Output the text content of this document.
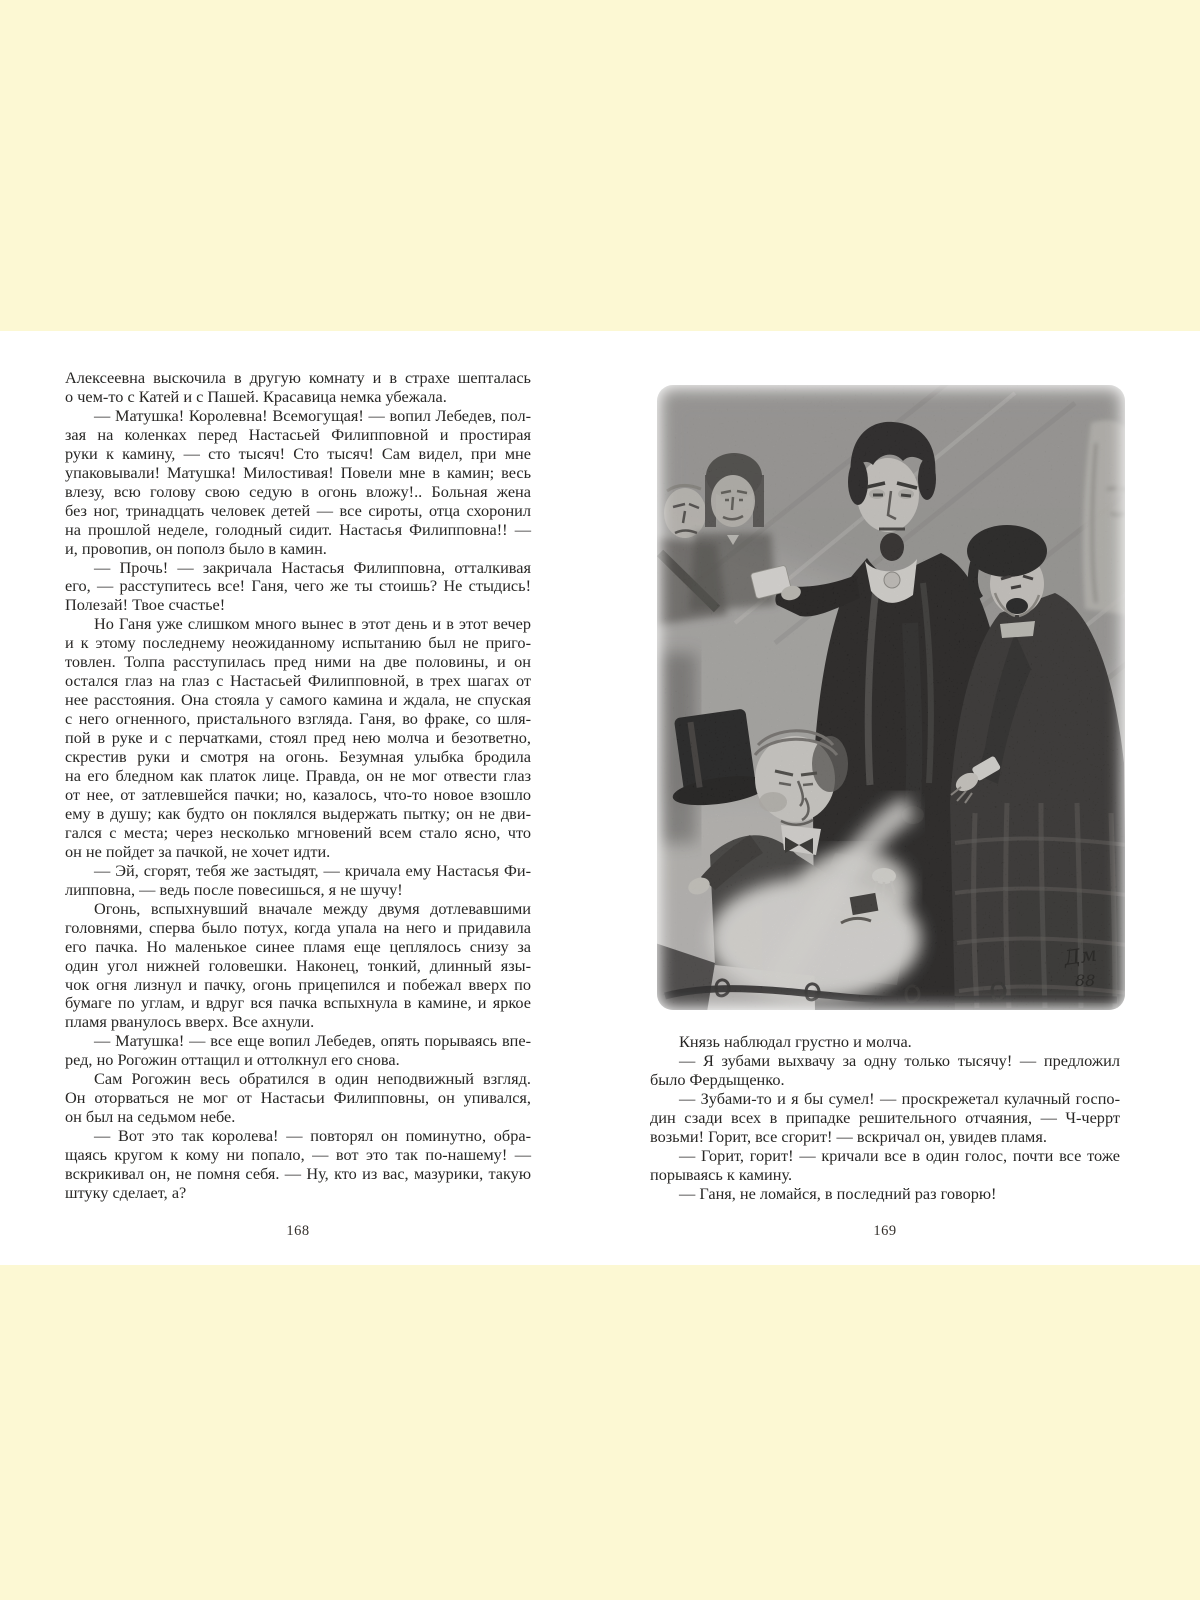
Алексеевна выскочила в другую комнату и в страхе шепталась
о чем-то с Катей и с Пашей. Красавица немка убежала.
— Матушка! Королевна! Всемогущая! — вопил Лебедев, пол-
зая на коленках перед Настасьей Филипповной и простирая
руки к камину, — сто тысяч! Сто тысяч! Сам видел, при мне
упаковывали! Матушка! Милостивая! Повели мне в камин; весь
влезу, всю голову свою седую в огонь вложу!.. Больная жена
без ног, тринадцать человек детей — все сироты, отца схоронил
на прошлой неделе, голодный сидит. Настасья Филипповна!! —
и, провопив, он пополз было в камин.
— Прочь! — закричала Настасья Филипповна, отталкивая
его, — расступитесь все! Ганя, чего же ты стоишь? Не стыдись!
Полезай! Твое счастье!
Но Ганя уже слишком много вынес в этот день и в этот вечер
и к этому последнему неожиданному испытанию был не приго-
товлен. Толпа расступилась пред ними на две половины, и он
остался глаз на глаз с Настасьей Филипповной, в трех шагах от
нее расстояния. Она стояла у самого камина и ждала, не спуская
с него огненного, пристального взгляда. Ганя, во фраке, со шля-
пой в руке и с перчатками, стоял пред нею молча и безответно,
скрестив руки и смотря на огонь. Безумная улыбка бродила
на его бледном как платок лице. Правда, он не мог отвести глаз
от нее, от затлевшейся пачки; но, казалось, что-то новое взошло
ему в душу; как будто он поклялся выдержать пытку; он не дви-
гался с места; через несколько мгновений всем стало ясно, что
он не пойдет за пачкой, не хочет идти.
— Эй, сгорят, тебя же застыдят, — кричала ему Настасья Фи-
липповна, — ведь после повесишься, я не шучу!
Огонь, вспыхнувший вначале между двумя дотлевавшими
головнями, сперва было потух, когда упала на него и придавила
его пачка. Но маленькое синее пламя еще цеплялось снизу за
один угол нижней головешки. Наконец, тонкий, длинный язы-
чок огня лизнул и пачку, огонь прицепился и побежал вверх по
бумаге по углам, и вдруг вся пачка вспыхнула в камине, и яркое
пламя рванулось вверх. Все ахнули.
— Матушка! — все еще вопил Лебедев, опять порываясь впе-
ред, но Рогожин оттащил и оттолкнул его снова.
Сам Рогожин весь обратился в один неподвижный взгляд.
Он оторваться не мог от Настасьи Филипповны, он упивался,
он был на седьмом небе.
— Вот это так королева! — повторял он поминутно, обра-
щаясь кругом к кому ни попало, — вот это так по-нашему! —
вскрикивал он, не помня себя. — Ну, кто из вас, мазурики, такую
штуку сделает, а?
Дм
88
Князь наблюдал грустно и молча.
— Я зубами выхвачу за одну только тысячу! — предложил
было Фердыщенко.
— Зубами-то и я бы сумел! — проскрежетал кулачный госпо-
дин сзади всех в припадке решительного отчаяния, — Ч-черрт
возьми! Горит, все сгорит! — вскричал он, увидев пламя.
— Горит, горит! — кричали все в один голос, почти все тоже
порываясь к камину.
— Ганя, не ломайся, в последний раз говорю!
168	169
